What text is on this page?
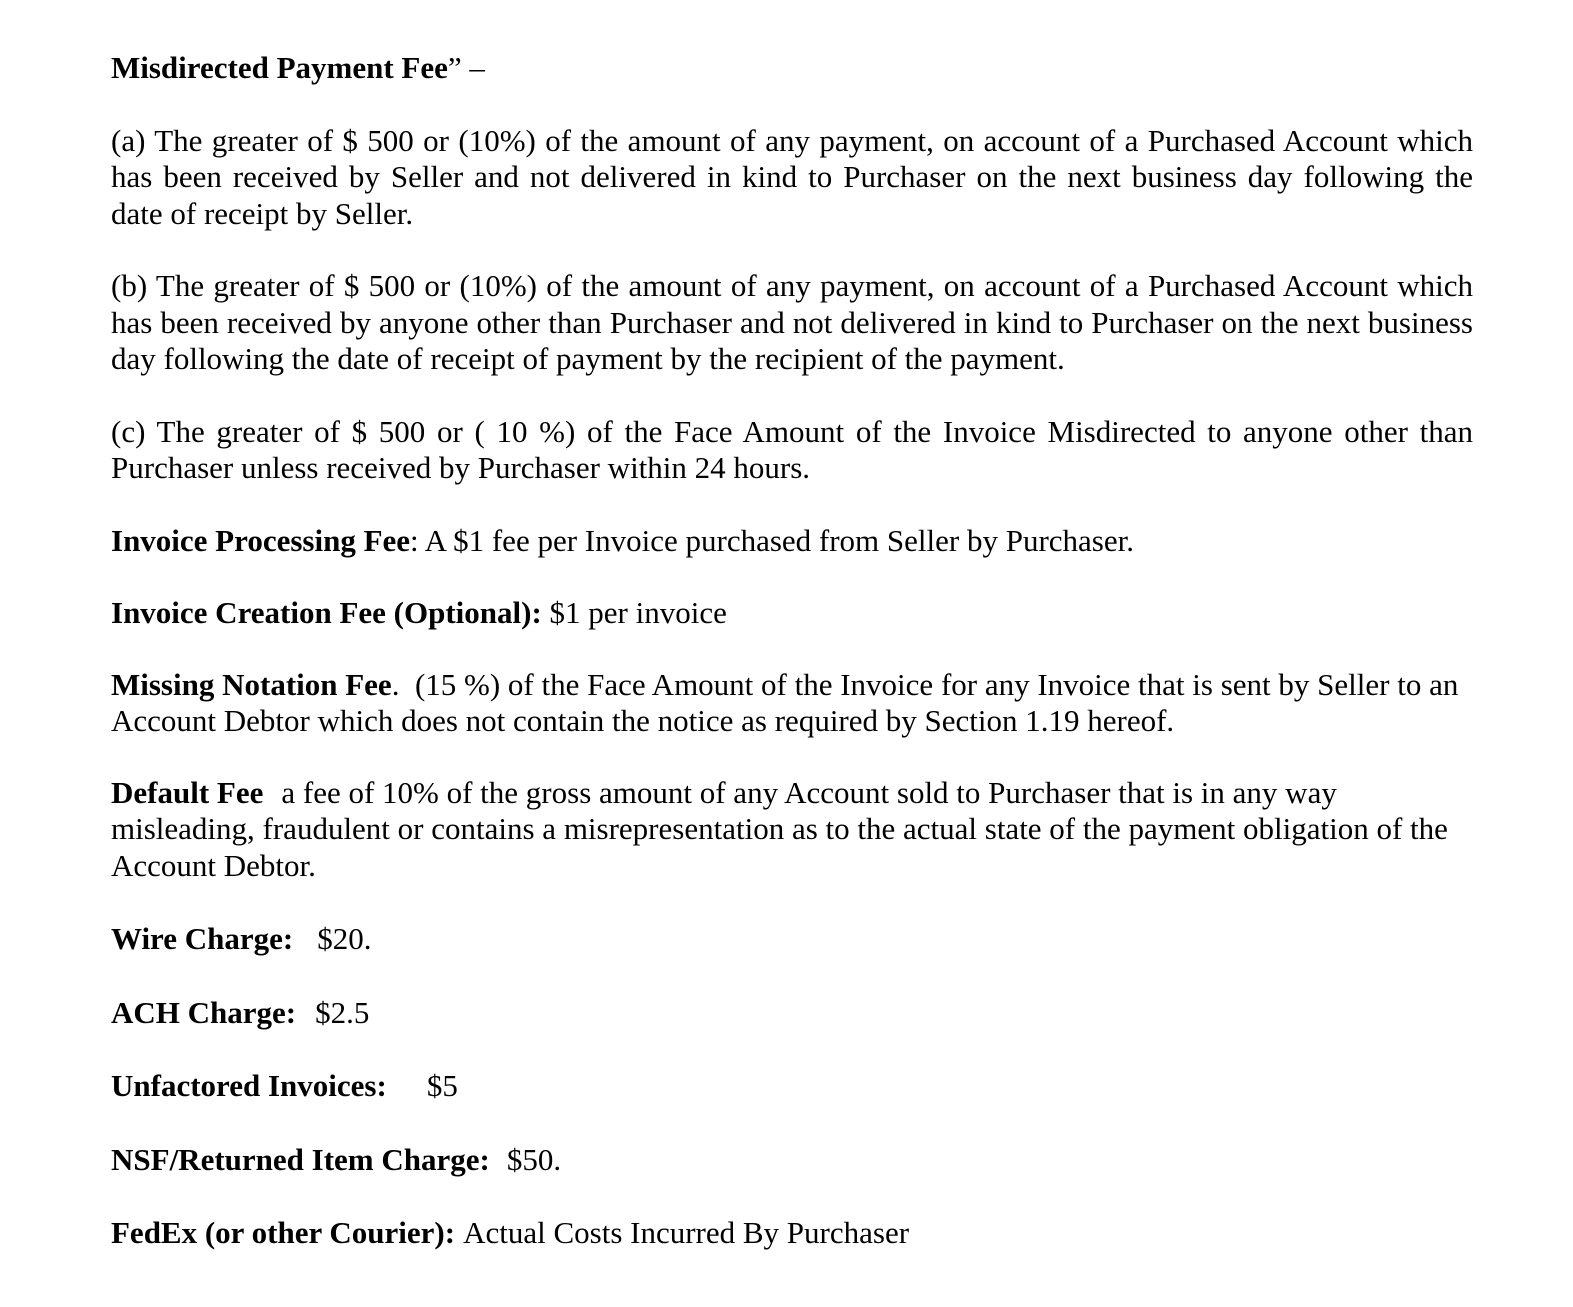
Misdirected Payment Fee” –

(a) The greater of $ 500 or (10%) of the amount of any payment, on account of a Purchased Account which has been received by Seller and not delivered in kind to Purchaser on the next business day following the date of receipt by Seller.

(b) The greater of $ 500 or (10%) of the amount of any payment, on account of a Purchased Account which has been received by anyone other than Purchaser and not delivered in kind to Purchaser on the next business day following the date of receipt of payment by the recipient of the payment.

(c) The greater of $ 500 or ( 10 %) of the Face Amount of the Invoice Misdirected to anyone other than Purchaser unless received by Purchaser within 24 hours.

Invoice Processing Fee: A $1 fee per Invoice purchased from Seller by Purchaser.

Invoice Creation Fee (Optional): $1 per invoice

Missing Notation Fee.  (15 %) of the Face Amount of the Invoice for any Invoice that is sent by Seller to an Account Debtor which does not contain the notice as required by Section 1.19 hereof.

Default Fee a fee of 10% of the gross amount of any Account sold to Purchaser that is in any way misleading, fraudulent or contains a misrepresentation as to the actual state of the payment obligation of the Account Debtor.

Wire Charge: $20.

ACH Charge: $2.5

Unfactored Invoices: $5

NSF/Returned Item Charge: $50.

FedEx (or other Courier): Actual Costs Incurred By Purchaser
